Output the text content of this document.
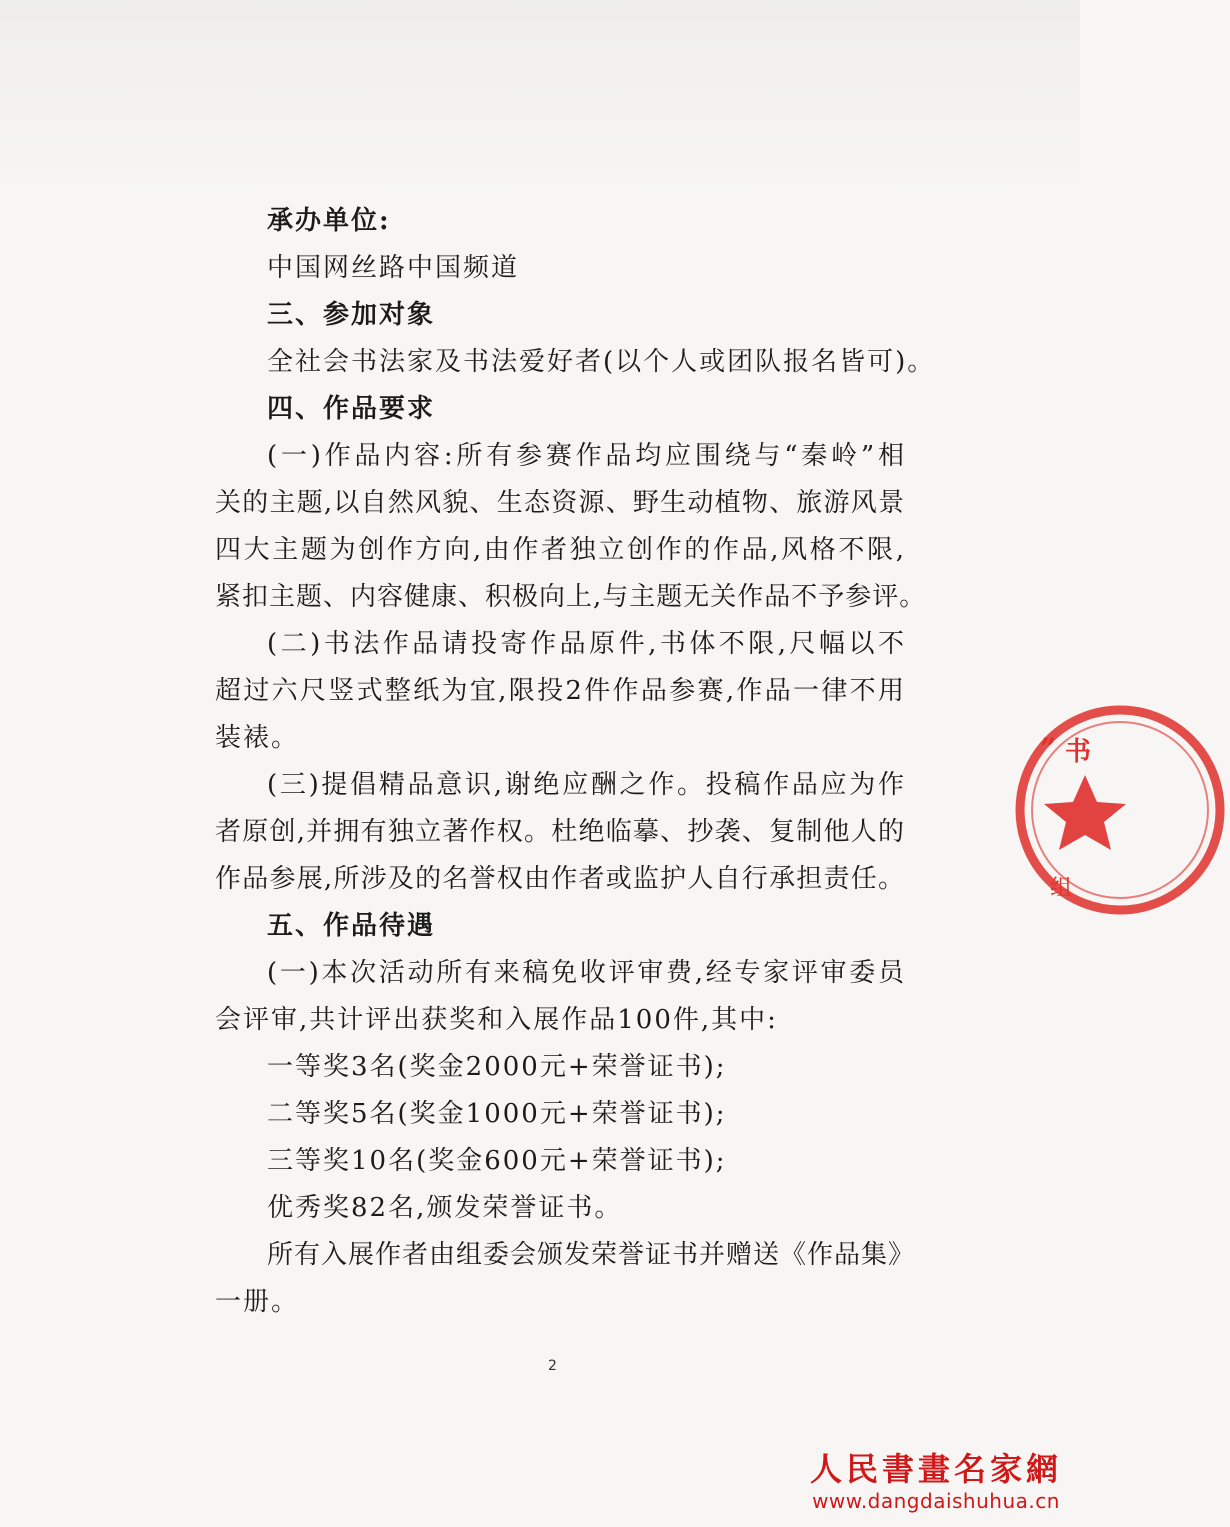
承办单位:
中国网丝路中国频道
三、参加对象
全社会书法家及书法爱好者(以个人或团队报名皆可)。
四、作品要求
(一)作品内容:所有参赛作品均应围绕与“秦岭”相
关的主题,以自然风貌、生态资源、野生动植物、旅游风景
四大主题为创作方向,由作者独立创作的作品,风格不限,
紧扣主题、内容健康、积极向上,与主题无关作品不予参评。
(二)书法作品请投寄作品原件,书体不限,尺幅以不
超过六尺竖式整纸为宜,限投2件作品参赛,作品一律不用
装裱。
(三)提倡精品意识,谢绝应酬之作。投稿作品应为作
者原创,并拥有独立著作权。杜绝临摹、抄袭、复制他人的
作品参展,所涉及的名誉权由作者或监护人自行承担责任。
五、作品待遇
(一)本次活动所有来稿免收评审费,经专家评审委员
会评审,共计评出获奖和入展作品100件,其中:
一等奖3名(奖金2000元+荣誉证书);
二等奖5名(奖金1000元+荣誉证书);
三等奖10名(奖金600元+荣誉证书);
优秀奖82名,颁发荣誉证书。
所有入展作者由组委会颁发荣誉证书并赠送《作品集》
一册。
2
书
组
”
人民書畫名家網
www.dangdaishuhua.cn
